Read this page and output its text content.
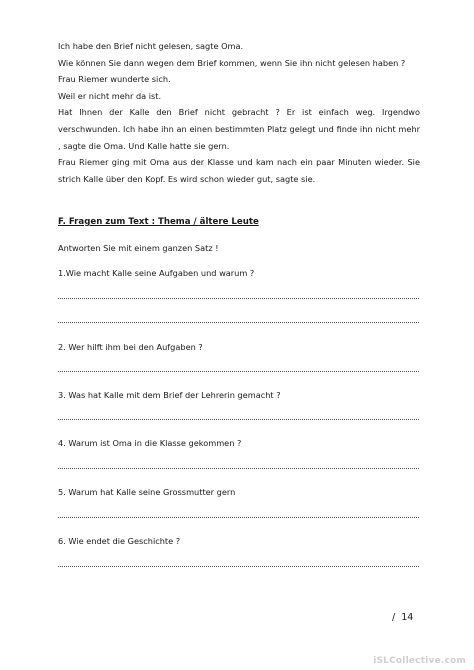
Ich habe den Brief nicht gelesen, sagte Oma.

Wie können Sie dann wegen dem Brief kommen, wenn Sie ihn nicht gelesen haben ? Frau Riemer wunderte sich.

Weil er nicht mehr da ist.

Hat Ihnen der Kalle den Brief nicht gebracht ? Er ist einfach weg. Irgendwo verschwunden. Ich habe ihn an einen bestimmten Platz gelegt und finde ihn nicht mehr , sagte die Oma. Und Kalle hatte sie gern.

Frau Riemer ging mit Oma aus der Klasse und kam nach ein paar Minuten wieder. Sie strich Kalle über den Kopf. Es wird schon wieder gut, sagte sie.

F. Fragen zum Text : Thema / ältere Leute
Antworten Sie mit einem ganzen Satz !
1.Wie macht Kalle seine Aufgaben und warum ?
2. Wer hilft ihm bei den Aufgaben ?
3. Was hat Kalle mit dem Brief der Lehrerin gemacht ?
4. Warum ist Oma in die Klasse gekommen ?
5. Warum hat Kalle seine Grossmutter gern
6. Wie endet die Geschichte ?
/  14
iSLCollective.com
